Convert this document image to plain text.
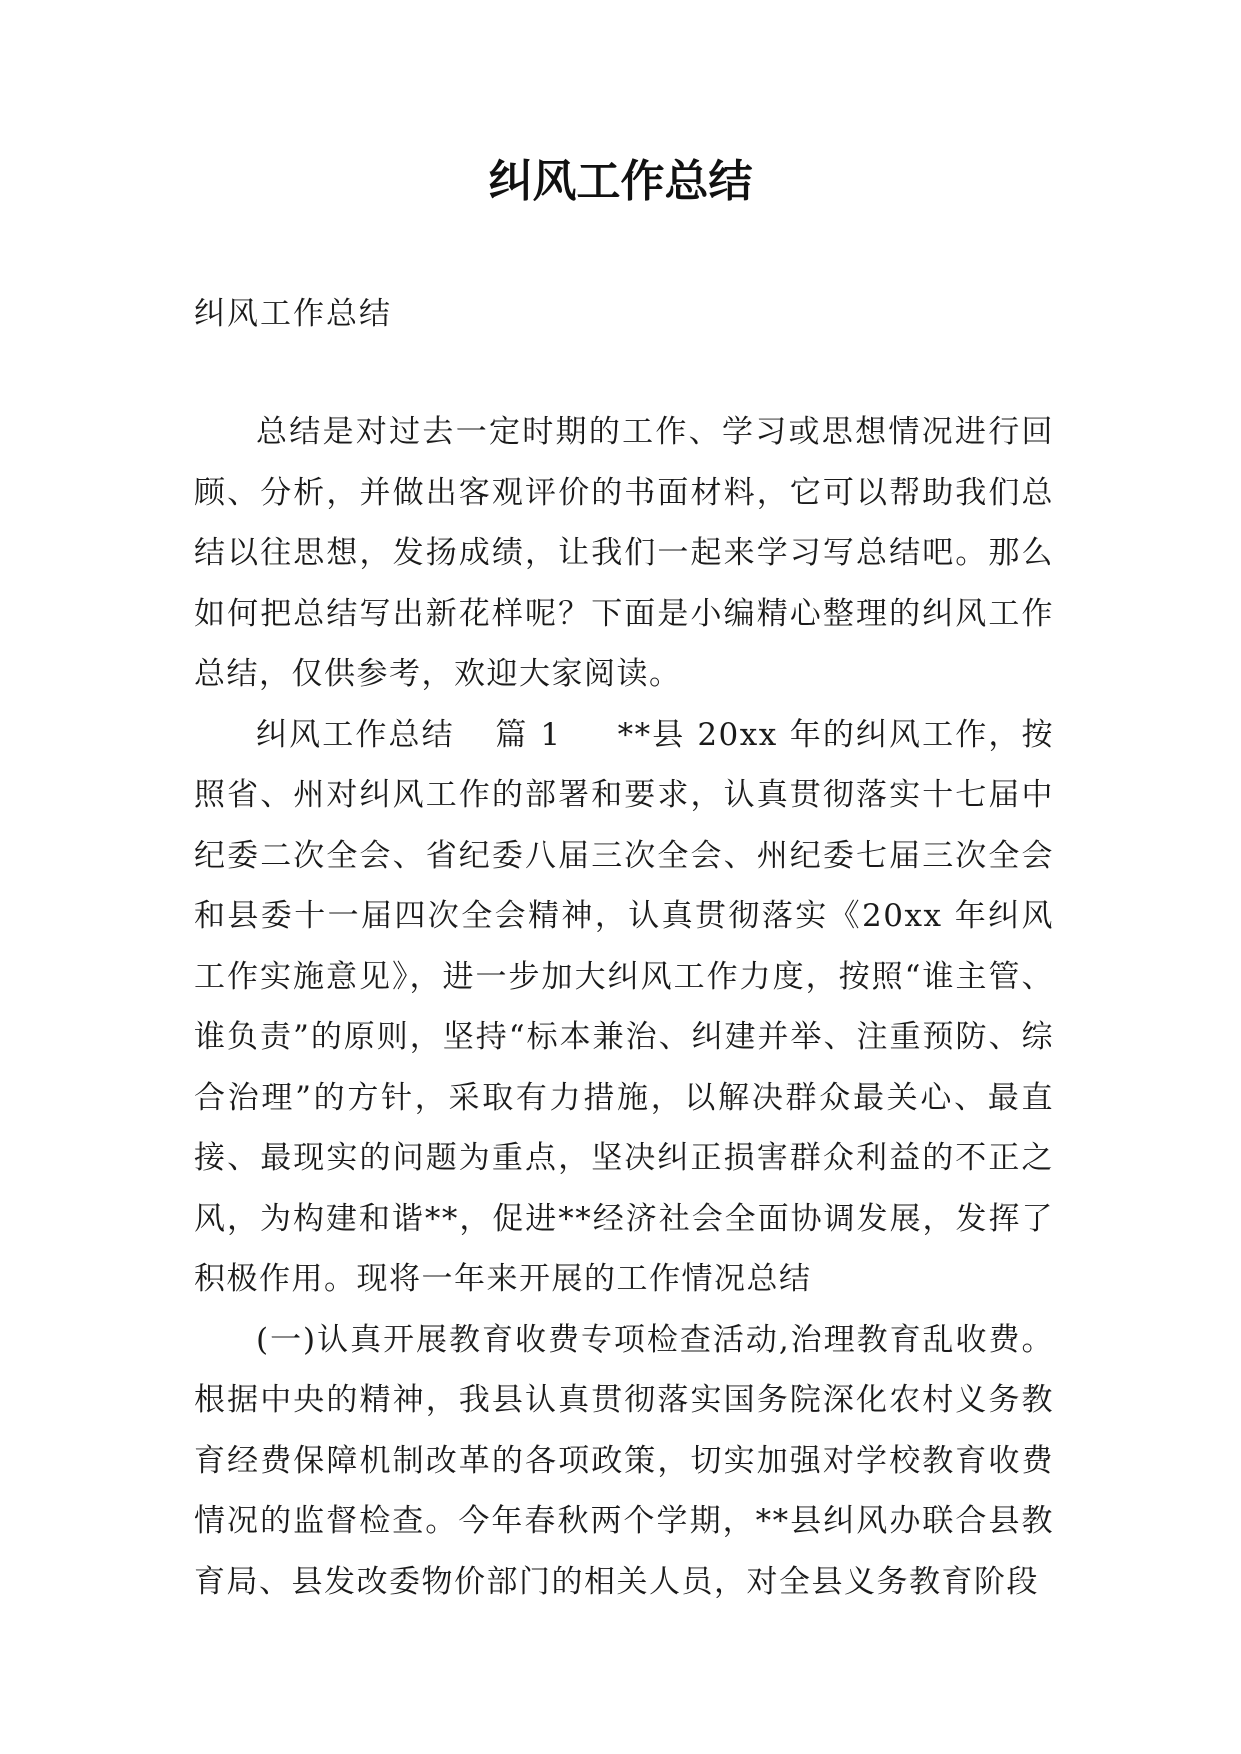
纠风工作总结
纠风工作总结

总结是对过去一定时期的工作、学习或思想情况进行回顾、分析，并做出客观评价的书面材料，它可以帮助我们总结以往思想，发扬成绩，让我们一起来学习写总结吧。那么如何把总结写出新花样呢？下面是小编精心整理的纠风工作总结，仅供参考，欢迎大家阅读。

纠风工作总结 篇 1 **县 20xx 年的纠风工作，按照省、州对纠风工作的部署和要求，认真贯彻落实十七届中纪委二次全会、省纪委八届三次全会、州纪委七届三次全会和县委十一届四次全会精神，认真贯彻落实《20xx 年纠风工作实施意见》，进一步加大纠风工作力度，按照“谁主管、谁负责”的原则，坚持“标本兼治、纠建并举、注重预防、综合治理”的方针，采取有力措施，以解决群众最关心、最直接、最现实的问题为重点，坚决纠正损害群众利益的不正之风，为构建和谐**，促进**经济社会全面协调发展，发挥了积极作用。现将一年来开展的工作情况总结

(一)认真开展教育收费专项检查活动,治理教育乱收费。根据中央的精神，我县认真贯彻落实国务院深化农村义务教育经费保障机制改革的各项政策，切实加强对学校教育收费情况的监督检查。今年春秋两个学期，**县纠风办联合县教育局、县发改委物价部门的相关人员，对全县义务教育阶段
